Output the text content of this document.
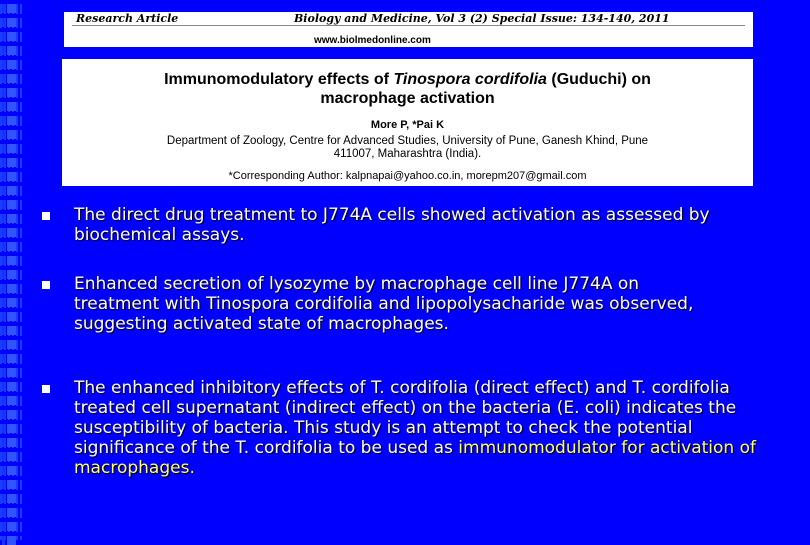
Research Article	Biology and Medicine, Vol 3 (2) Special Issue: 134-140, 2011
www.biolmedonline.com
Immunomodulatory effects of Tinospora cordifolia (Guduchi) on
macrophage activation
More P, *Pai K
Department of Zoology, Centre for Advanced Studies, University of Pune, Ganesh Khind, Pune
411007, Maharashtra (India).
*Corresponding Author: kalpnapai@yahoo.co.in, morepm207@gmail.com
The direct drug treatment to J774A cells showed activation as assessed by biochemical assays.
Enhanced secretion of lysozyme by macrophage cell line J774A on treatment with Tinospora cordifolia and lipopolysacharide was observed, suggesting activated state of macrophages.
The enhanced inhibitory effects of T. cordifolia (direct effect) and T. cordifolia treated cell supernatant (indirect effect) on the bacteria (E. coli) indicates the susceptibility of bacteria. This study is an attempt to check the potential significance of the T. cordifolia to be used as immunomodulator for activation of macrophages.
